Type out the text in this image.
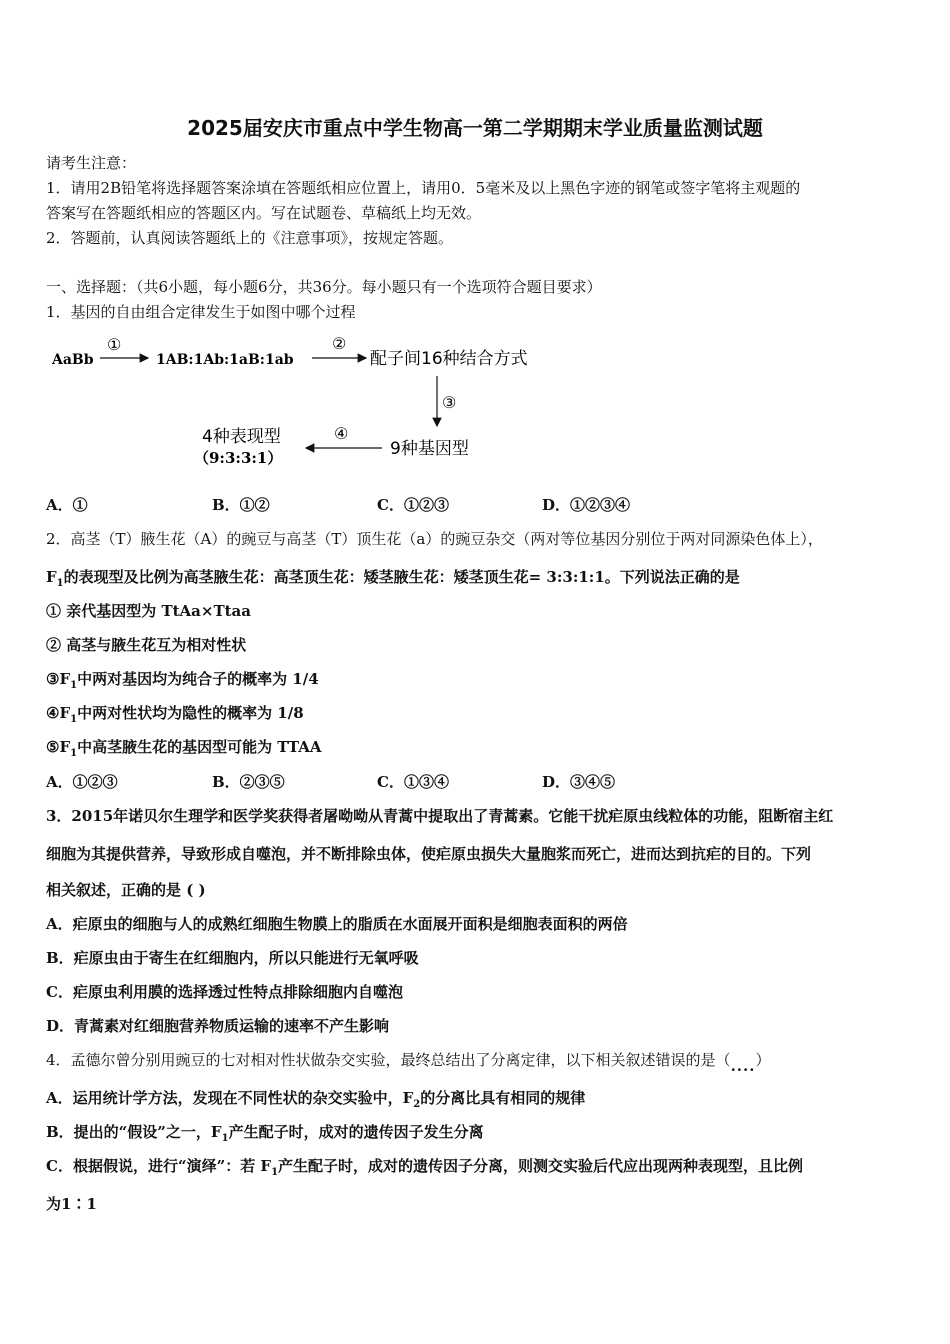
2025届安庆市重点中学生物高一第二学期期末学业质量监测试题
请考生注意：
1．请用2B铅笔将选择题答案涂填在答题纸相应位置上，请用0．5毫米及以上黑色字迹的钢笔或签字笔将主观题的
答案写在答题纸相应的答题区内。写在试题卷、草稿纸上均无效。
2．答题前，认真阅读答题纸上的《注意事项》，按规定答题。
一、选择题：（共6小题，每小题6分，共36分。每小题只有一个选项符合题目要求）
1．基因的自由组合定律发生于如图中哪个过程
AaBb
①
1AB:1Ab:1aB:1ab
②
配子间16种结合方式
③
9种基因型
④
4种表现型
（9:3:3:1）
A．①	B．①②	C．①②③	D．①②③④
2．高茎（T）腋生花（A）的豌豆与高茎（T）顶生花（a）的豌豆杂交（两对等位基因分别位于两对同源染色体上），
$F_1$的表现型及比例为高茎腋生花：高茎顶生花：矮茎腋生花：矮茎顶生花= 3:3:1:1。下列说法正确的是
① 亲代基因型为 TtAa×Ttaa
② 高茎与腋生花互为相对性状
$③F_1$中两对基因均为纯合子的概率为 1/4
$④F_1$中两对性状均为隐性的概率为 1/8
$⑤F_1$中高茎腋生花的基因型可能为 TTAA
A．①②③	B．②③⑤	C．①③④	D．③④⑤
3．2015年诺贝尔生理学和医学奖获得者屠呦呦从青蒿中提取出了青蒿素。它能干扰疟原虫线粒体的功能，阻断宿主红
细胞为其提供营养，导致形成自噬泡，并不断排除虫体，使疟原虫损失大量胞浆而死亡，进而达到抗疟的目的。下列
相关叙述，正确的是 ( )
A．疟原虫的细胞与人的成熟红细胞生物膜上的脂质在水面展开面积是细胞表面积的两倍
B．疟原虫由于寄生在红细胞内，所以只能进行无氧呼吸
C．疟原虫利用膜的选择透过性特点排除细胞内自噬泡
D．青蒿素对红细胞营养物质运输的速率不产生影响
4．孟德尔曾分别用豌豆的七对相对性状做杂交实验，最终总结出了分离定律，以下相关叙述错误的是（....）
A．运用统计学方法，发现在不同性状的杂交实验中，$F_2$的分离比具有相同的规律
B．提出的“假设”之一，$F_1$产生配子时，成对的遗传因子发生分离
C．根据假说，进行“演绎”：若 $F_1$产生配子时，成对的遗传因子分离，则测交实验后代应出现两种表现型，且比例
为1∶1
